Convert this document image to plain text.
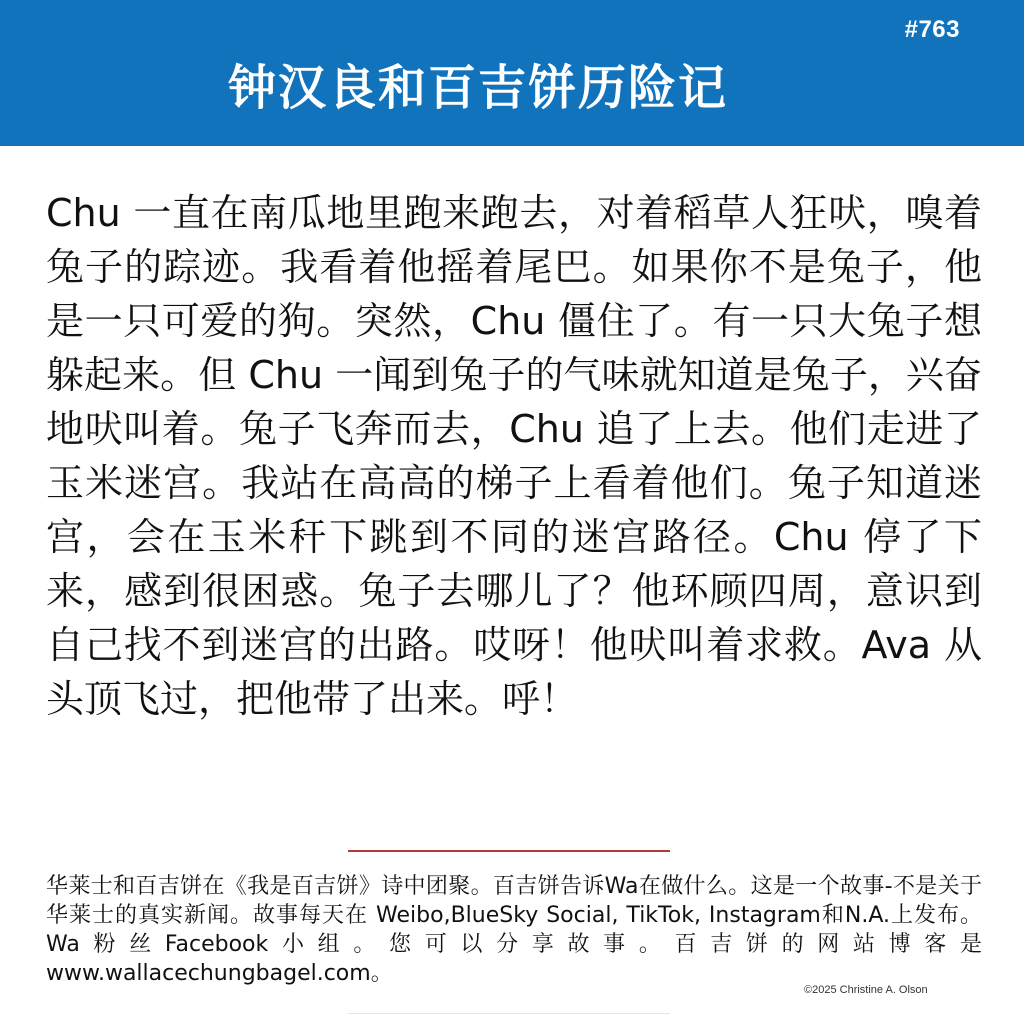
#763
钟汉良和百吉饼历险记

Chu 一直在南瓜地里跑来跑去，对着稻草人狂吠，嗅着兔子的踪迹。我看着他摇着尾巴。如果你不是兔子，他是一只可爱的狗。突然，Chu 僵住了。有一只大兔子想躲起来。但 Chu 一闻到兔子的气味就知道是兔子，兴奋地吠叫着。兔子飞奔而去，Chu 追了上去。他们走进了玉米迷宫。我站在高高的梯子上看着他们。兔子知道迷宫，会在玉米秆下跳到不同的迷宫路径。Chu 停了下来，感到很困惑。兔子去哪儿了？他环顾四周，意识到自己找不到迷宫的出路。哎呀！他吠叫着求救。Ava 从头顶飞过，把他带了出来。呼！

华莱士和百吉饼在《我是百吉饼》诗中团聚。百吉饼告诉Wa在做什么。这是一个故事-不是关于华莱士的真实新闻。故事每天在 Weibo,BlueSky Social, TikTok, Instagram和N.A.上发布。Wa粉丝Facebook小组。您可以分享故事。百吉饼的网站博客是www.wallacechungbagel.com。

©2025 Christine A. Olson
